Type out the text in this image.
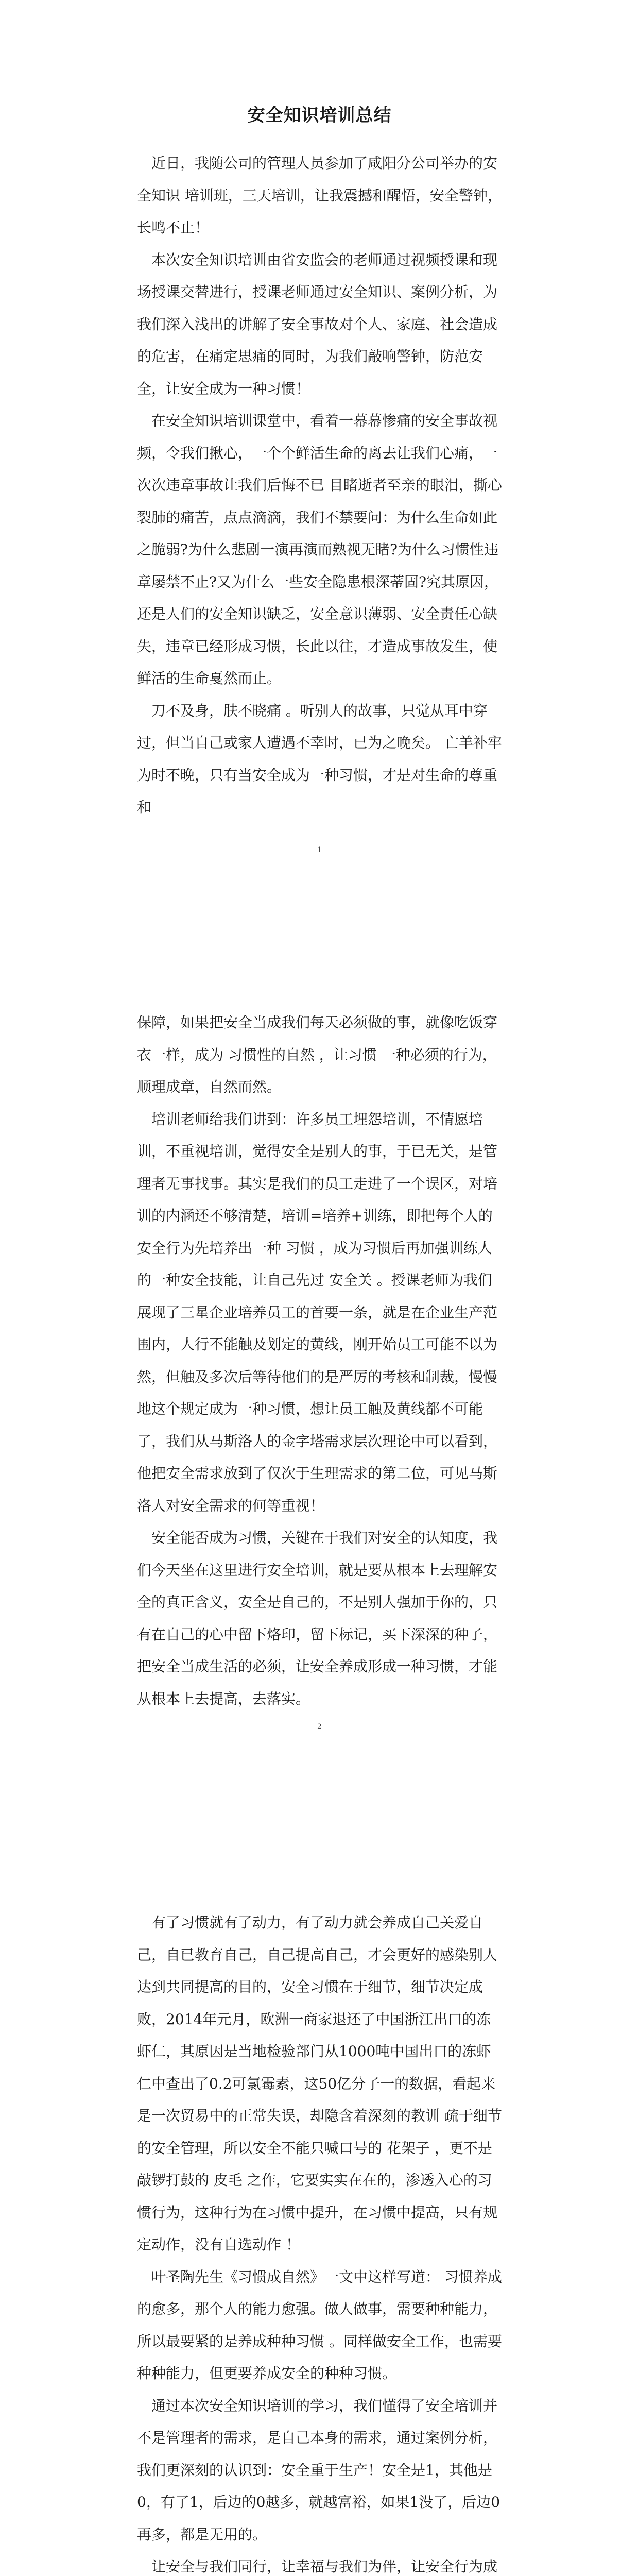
安全知识培训总结

近日，我随公司的管理人员参加了咸阳分公司举办的安全知识 培训班，三天培训，让我震撼和醒悟，安全警钟，长鸣不止！

本次安全知识培训由省安监会的老师通过视频授课和现场授课交替进行，授课老师通过安全知识、案例分析，为我们深入浅出的讲解了安全事故对个人、家庭、社会造成的危害，在痛定思痛的同时，为我们敲响警钟，防范安全，让安全成为一种习惯！

在安全知识培训课堂中，看着一幕幕惨痛的安全事故视频，令我们揪心，一个个鲜活生命的离去让我们心痛，一次次违章事故让我们后悔不已 目睹逝者至亲的眼泪，撕心裂肺的痛苦，点点滴滴，我们不禁要问：为什么生命如此之脆弱?为什么悲剧一演再演而熟视无睹?为什么习惯性违章屡禁不止?又为什么一些安全隐患根深蒂固?究其原因，还是人们的安全知识缺乏，安全意识薄弱、安全责任心缺失，违章已经形成习惯，长此以往，才造成事故发生，使鲜活的生命戛然而止。

刀不及身，肤不晓痛 。听别人的故事，只觉从耳中穿过，但当自己或家人遭遇不幸时，已为之晚矣。 亡羊补牢 为时不晚，只有当安全成为一种习惯，才是对生命的尊重和

1

保障，如果把安全当成我们每天必须做的事，就像吃饭穿衣一样，成为 习惯性的自然 ，让习惯 一种必须的行为，顺理成章，自然而然。

培训老师给我们讲到：许多员工埋怨培训，不情愿培训，不重视培训，觉得安全是别人的事，于已无关，是管理者无事找事。其实是我们的员工走进了一个误区，对培训的内涵还不够清楚，培训=培养+训练，即把每个人的安全行为先培养出一种 习惯 ，成为习惯后再加强训练人的一种安全技能，让自己先过 安全关 。授课老师为我们展现了三星企业培养员工的首要一条，就是在企业生产范围内，人行不能触及划定的黄线，刚开始员工可能不以为然，但触及多次后等待他们的是严厉的考核和制裁，慢慢地这个规定成为一种习惯，想让员工触及黄线都不可能了，我们从马斯洛人的金字塔需求层次理论中可以看到，他把安全需求放到了仅次于生理需求的第二位，可见马斯洛人对安全需求的何等重视！

安全能否成为习惯，关键在于我们对安全的认知度，我们今天坐在这里进行安全培训，就是要从根本上去理解安全的真正含义，安全是自己的，不是别人强加于你的，只有在自己的心中留下烙印，留下标记，买下深深的种子，把安全当成生活的必须，让安全养成形成一种习惯，才能从根本上去提高，去落实。

2

有了习惯就有了动力，有了动力就会养成自己关爱自己，自已教育自己，自己提高自己，才会更好的感染别人达到共同提高的目的，安全习惯在于细节，细节决定成败，2014年元月，欧洲一商家退还了中国浙江出口的冻虾仁，其原因是当地检验部门从1000吨中国出口的冻虾仁中查出了0.2可氯霉素，这50亿分子一的数据，看起来是一次贸易中的正常失误，却隐含着深刻的教训 疏于细节的安全管理，所以安全不能只喊口号的 花架子 ，更不是敲锣打鼓的 皮毛 之作，它要实实在在的，渗透入心的习惯行为，这种行为在习惯中提升，在习惯中提高，只有规定动作，没有自选动作 ！

叶圣陶先生《习惯成自然》一文中这样写道： 习惯养成的愈多，那个人的能力愈强。做人做事，需要种种能力，所以最要紧的是养成种种习惯 。同样做安全工作，也需要种种能力，但更要养成安全的种种习惯。

通过本次安全知识培训的学习，我们懂得了安全培训并不是管理者的需求，是自己本身的需求，通过案例分析，我们更深刻的认识到：安全重于生产！安全是1，其他是0，有了1，后边的0越多，就越富裕，如果1没了，后边0再多，都是无用的。

让安全与我们同行，让幸福与我们为伴，让安全行为成
